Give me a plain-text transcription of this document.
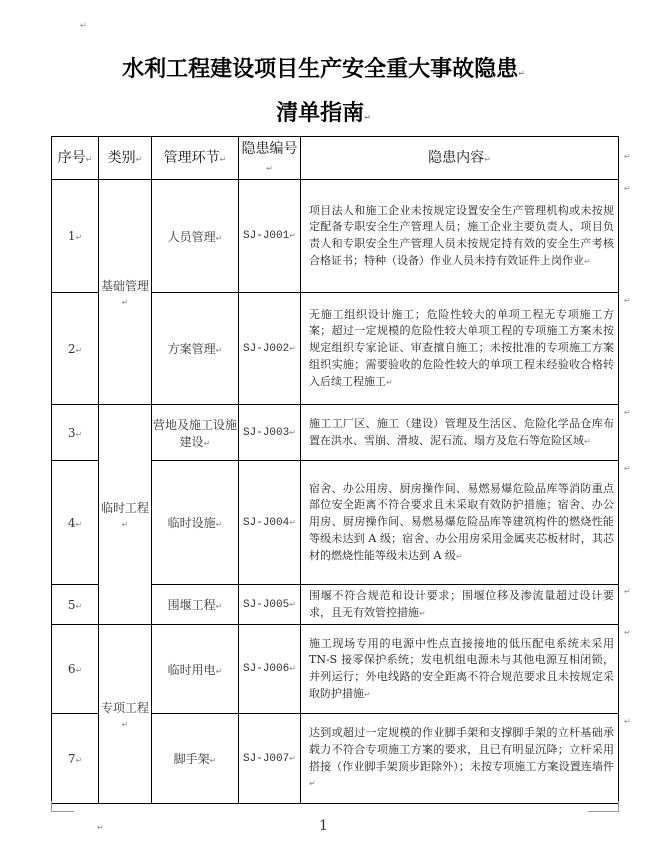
↵
水利工程建设项目生产安全重大事故隐患↵
清单指南↵
序号↵	类别↵	管理环节↵	隐患编号↵	隐患内容↵
1↵	基础管理↵	人员管理↵	SJ-J001↵	项目法人和施工企业未按规定设置安全生产管理机构或未按规定配备专职安全生产管理人员；施工企业主要负责人、项目负责人和专职安全生产管理人员未按规定持有效的安全生产考核合格证书；特种（设备）作业人员未持有效证件上岗作业↵
2↵		方案管理↵	SJ-J002↵	无施工组织设计施工；危险性较大的单项工程无专项施工方案；超过一定规模的危险性较大单项工程的专项施工方案未按规定组织专家论证、审查擅自施工；未按批准的专项施工方案组织实施；需要验收的危险性较大的单项工程未经验收合格转入后续工程施工↵
3↵	临时工程↵	营地及施工设施建设↵	SJ-J003↵	施工工厂区、施工（建设）管理及生活区、危险化学品仓库布置在洪水、雪崩、滑坡、泥石流、塌方及危石等危险区域↵
4↵		临时设施↵	SJ-J004↵	宿舍、办公用房、厨房操作间、易燃易爆危险品库等消防重点部位安全距离不符合要求且未采取有效防护措施；宿舍、办公用房、厨房操作间、易燃易爆危险品库等建筑构件的燃烧性能等级未达到 A 级；宿舍、办公用房采用金属夹芯板材时，其芯材的燃烧性能等级未达到 A 级↵
5↵		围堰工程↵	SJ-J005↵	围堰不符合规范和设计要求；围堰位移及渗流量超过设计要求，且无有效管控措施↵
6↵	专项工程↵	临时用电↵	SJ-J006↵	施工现场专用的电源中性点直接接地的低压配电系统未采用 TN-S 接零保护系统；发电机组电源未与其他电源互相闭锁，并列运行；外电线路的安全距离不符合规范要求且未按规定采取防护措施↵
7↵		脚手架↵	SJ-J007↵	达到或超过一定规模的作业脚手架和支撑脚手架的立杆基础承载力不符合专项施工方案的要求，且已有明显沉降；立杆采用搭接（作业脚手架顶步距除外）；未按专项施工方案设置连墙件↵
↵
↵
↵
↵
↵
↵
↵
↵
↵	1
